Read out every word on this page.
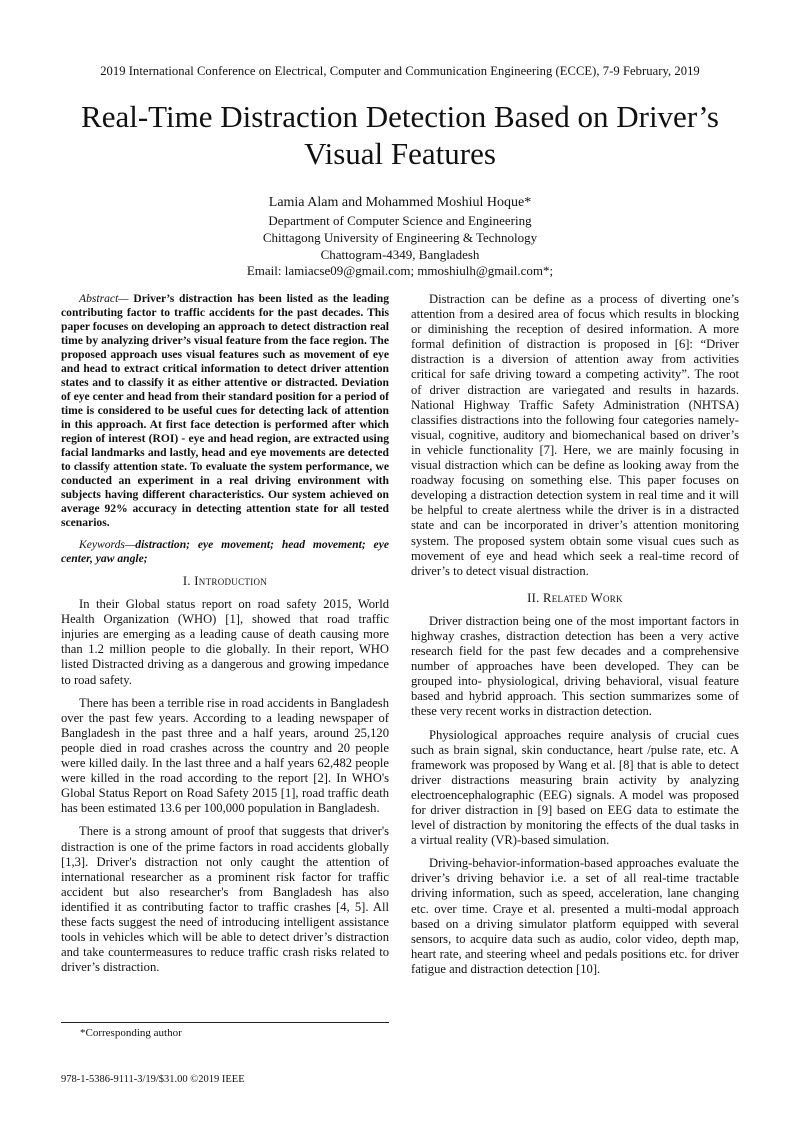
2019 International Conference on Electrical, Computer and Communication Engineering (ECCE), 7-9 February, 2019
Real-Time Distraction Detection Based on Driver’s Visual Features
Lamia Alam and Mohammed Moshiul Hoque*
Department of Computer Science and Engineering
Chittagong University of Engineering & Technology
Chattogram-4349, Bangladesh
Email: lamiacse09@gmail.com; mmoshiulh@gmail.com*;

Abstract— Driver’s distraction has been listed as the leading contributing factor to traffic accidents for the past decades. This paper focuses on developing an approach to detect distraction real time by analyzing driver’s visual feature from the face region. The proposed approach uses visual features such as movement of eye and head to extract critical information to detect driver attention states and to classify it as either attentive or distracted. Deviation of eye center and head from their standard position for a period of time is considered to be useful cues for detecting lack of attention in this approach. At first face detection is performed after which region of interest (ROI) - eye and head region, are extracted using facial landmarks and lastly, head and eye movements are detected to classify attention state. To evaluate the system performance, we conducted an experiment in a real driving environment with subjects having different characteristics. Our system achieved on average 92% accuracy in detecting attention state for all tested scenarios.

Keywords—distraction; eye movement; head movement; eye center, yaw angle;

I. Introduction

In their Global status report on road safety 2015, World Health Organization (WHO) [1], showed that road traffic injuries are emerging as a leading cause of death causing more than 1.2 million people to die globally. In their report, WHO listed Distracted driving as a dangerous and growing impedance to road safety.

There has been a terrible rise in road accidents in Bangladesh over the past few years. According to a leading newspaper of Bangladesh in the past three and a half years, around 25,120 people died in road crashes across the country and 20 people were killed daily. In the last three and a half years 62,482 people were killed in the road according to the report [2]. In WHO's Global Status Report on Road Safety 2015 [1], road traffic death has been estimated 13.6 per 100,000 population in Bangladesh.

There is a strong amount of proof that suggests that driver's distraction is one of the prime factors in road accidents globally [1,3]. Driver's distraction not only caught the attention of international researcher as a prominent risk factor for traffic accident but also researcher's from Bangladesh has also identified it as contributing factor to traffic crashes [4, 5]. All these facts suggest the need of introducing intelligent assistance tools in vehicles which will be able to detect driver’s distraction and take countermeasures to reduce traffic crash risks related to driver’s distraction.

Distraction can be define as a process of diverting one’s attention from a desired area of focus which results in blocking or diminishing the reception of desired information. A more formal definition of distraction is proposed in [6]: “Driver distraction is a diversion of attention away from activities critical for safe driving toward a competing activity”. The root of driver distraction are variegated and results in hazards. National Highway Traffic Safety Administration (NHTSA) classifies distractions into the following four categories namely- visual, cognitive, auditory and biomechanical based on driver’s in vehicle functionality [7]. Here, we are mainly focusing in visual distraction which can be define as looking away from the roadway focusing on something else. This paper focuses on developing a distraction detection system in real time and it will be helpful to create alertness while the driver is in a distracted state and can be incorporated in driver’s attention monitoring system. The proposed system obtain some visual cues such as movement of eye and head which seek a real-time record of driver’s to detect visual distraction.

II. Related Work

Driver distraction being one of the most important factors in highway crashes, distraction detection has been a very active research field for the past few decades and a comprehensive number of approaches have been developed. They can be grouped into- physiological, driving behavioral, visual feature based and hybrid approach. This section summarizes some of these very recent works in distraction detection.

Physiological approaches require analysis of crucial cues such as brain signal, skin conductance, heart /pulse rate, etc. A framework was proposed by Wang et al. [8] that is able to detect driver distractions measuring brain activity by analyzing electroencephalographic (EEG) signals. A model was proposed for driver distraction in [9] based on EEG data to estimate the level of distraction by monitoring the effects of the dual tasks in a virtual reality (VR)-based simulation.

Driving-behavior-information-based approaches evaluate the driver’s driving behavior i.e. a set of all real-time tractable driving information, such as speed, acceleration, lane changing etc. over time. Craye et al. presented a multi-modal approach based on a driving simulator platform equipped with several sensors, to acquire data such as audio, color video, depth map, heart rate, and steering wheel and pedals positions etc. for driver fatigue and distraction detection [10].

*Corresponding author
978-1-5386-9111-3/19/$31.00 ©2019 IEEE
